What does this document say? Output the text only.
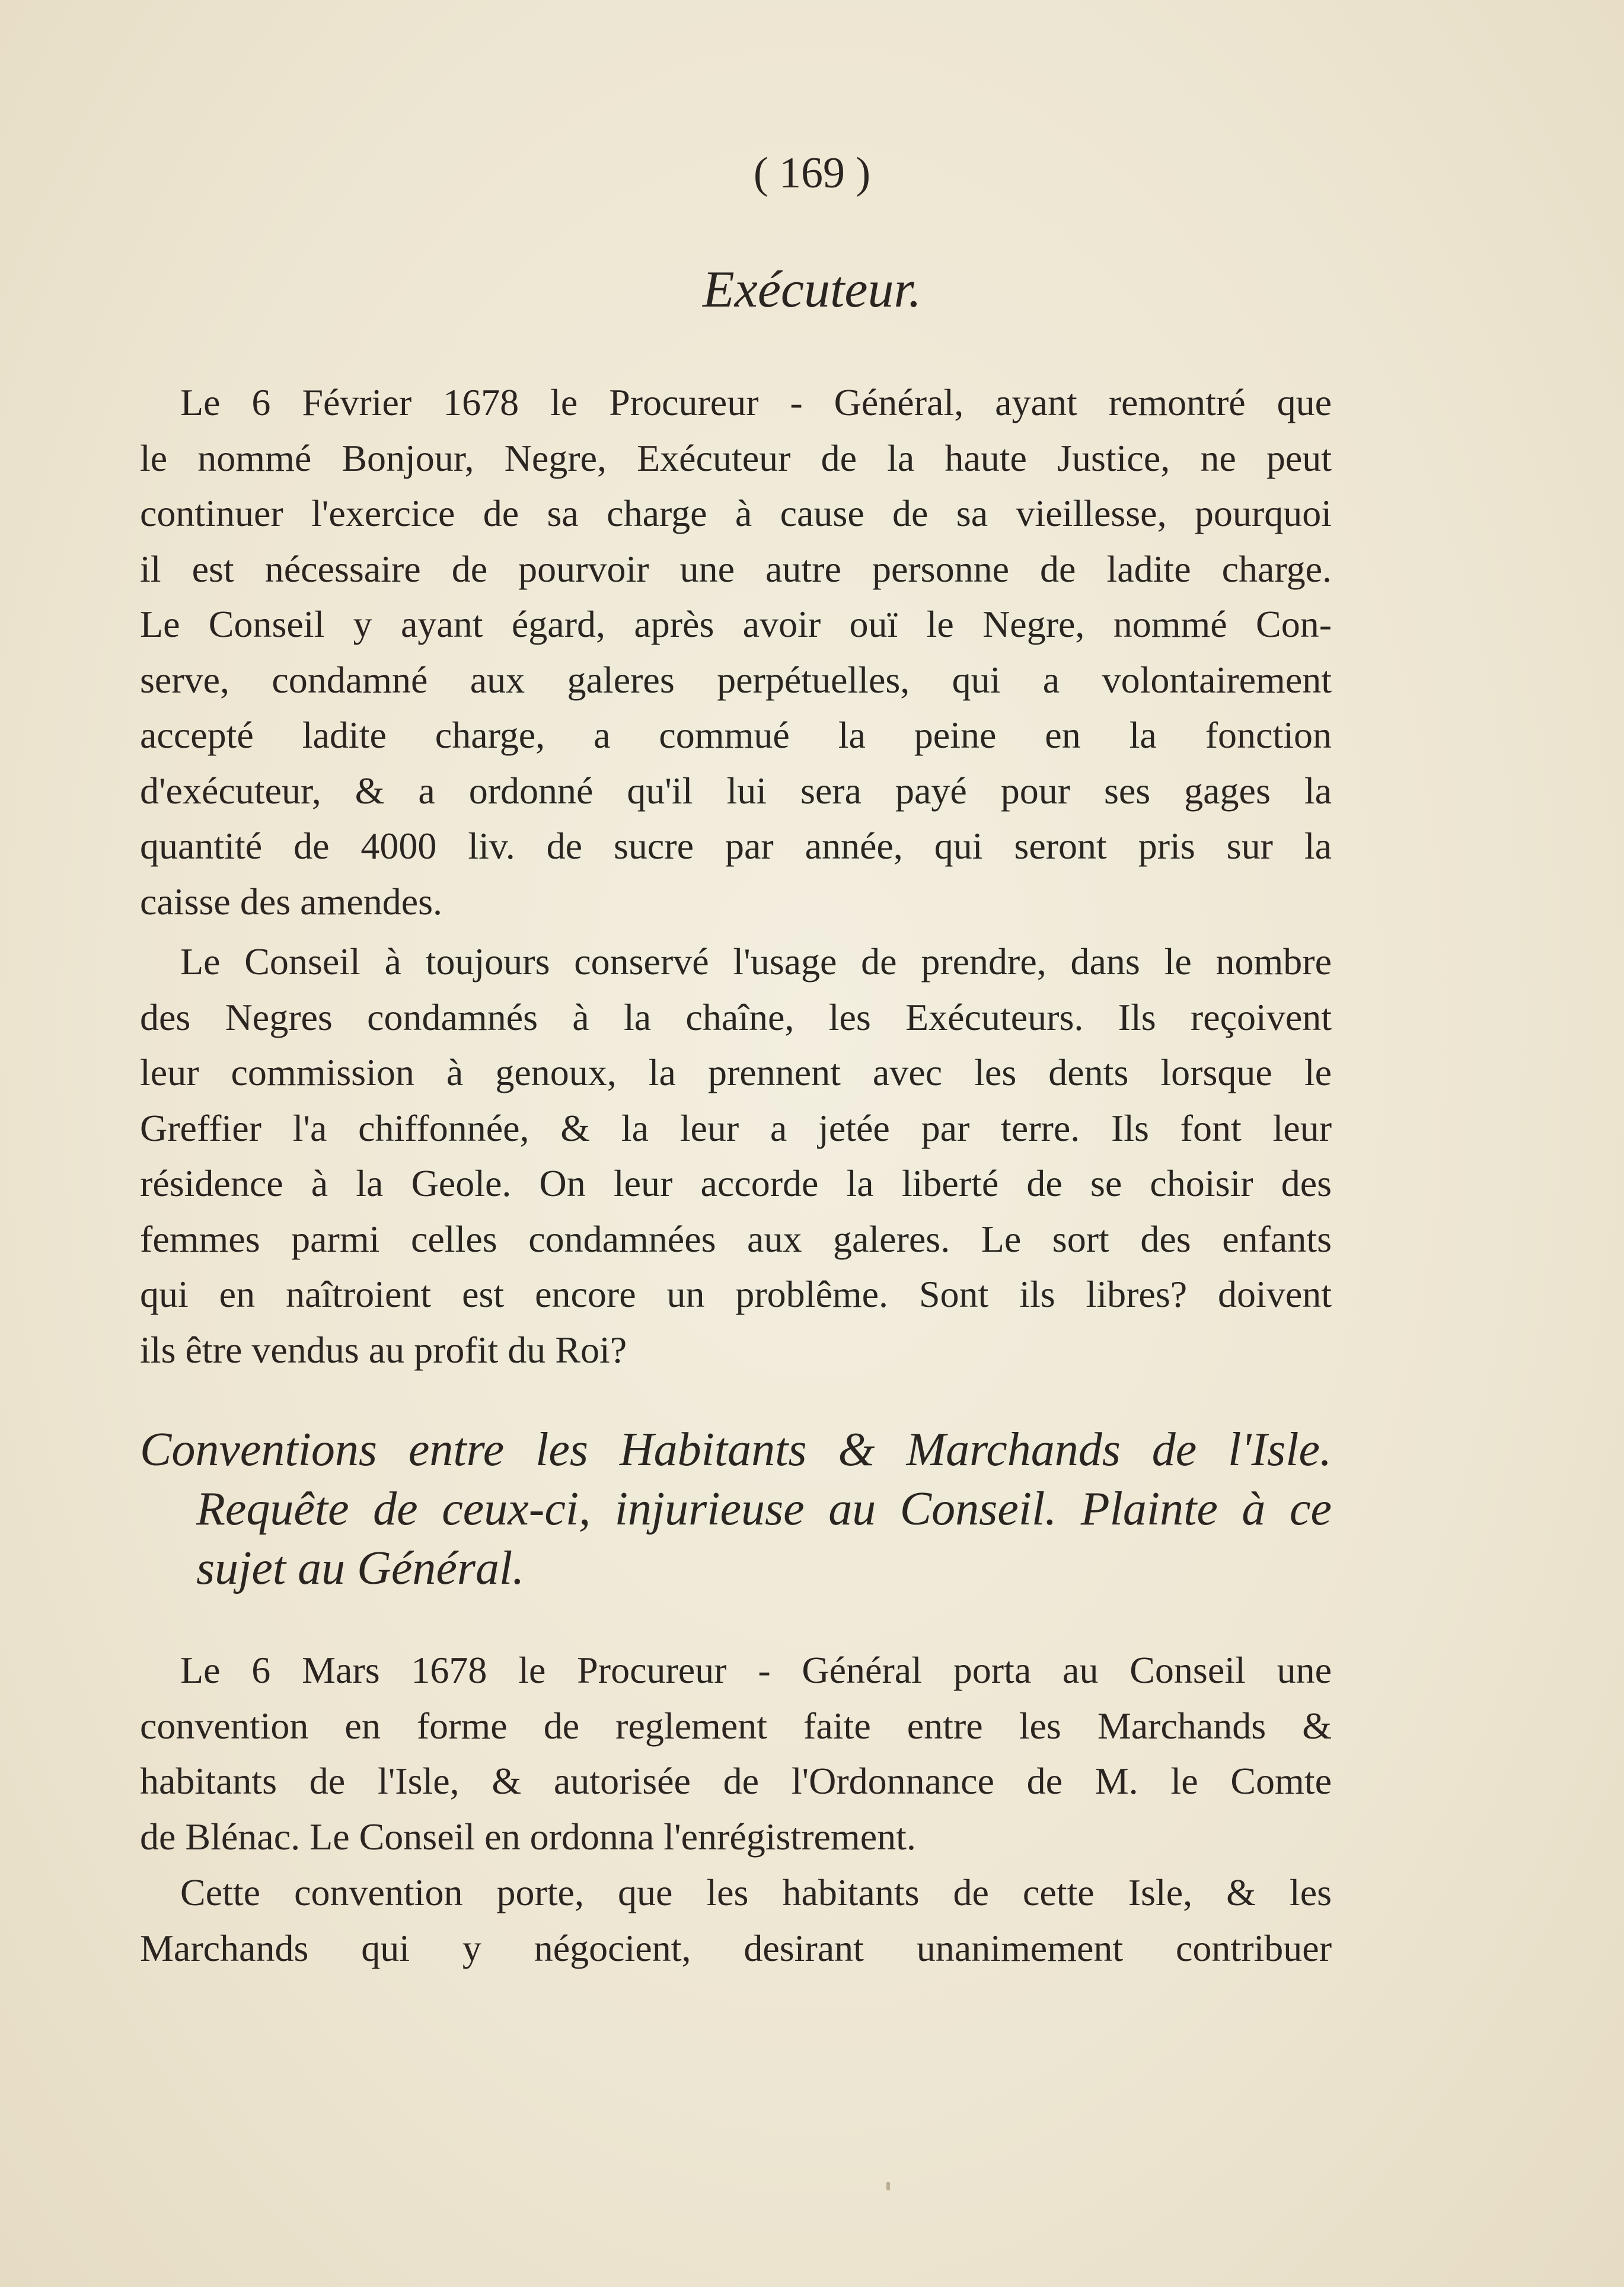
( 169 )
Exécuteur.
Le 6 Février 1678 le Procureur - Général, ayant remontré que
le nommé Bonjour, Negre, Exécuteur de la haute Justice, ne peut
continuer l'exercice de sa charge à cause de sa vieillesse, pourquoi
il est nécessaire de pourvoir une autre personne de ladite charge.
Le Conseil y ayant égard, après avoir ouï le Negre, nommé Con-
serve, condamné aux galeres perpétuelles, qui a volontairement
accepté ladite charge, a commué la peine en la fonction
d'exécuteur, & a ordonné qu'il lui sera payé pour ses gages la
quantité de 4000 liv. de sucre par année, qui seront pris sur la
caisse des amendes.
Le Conseil à toujours conservé l'usage de prendre, dans le nombre
des Negres condamnés à la chaîne, les Exécuteurs. Ils reçoivent
leur commission à genoux, la prennent avec les dents lorsque le
Greffier l'a chiffonnée, & la leur a jetée par terre. Ils font leur
résidence à la Geole. On leur accorde la liberté de se choisir des
femmes parmi celles condamnées aux galeres. Le sort des enfants
qui en naîtroient est encore un problême. Sont ils libres? doivent
ils être vendus au profit du Roi?
Conventions entre les Habitants & Marchands de l'Isle.
Requête de ceux-ci, injurieuse au Conseil. Plainte à ce
sujet au Général.
Le 6 Mars 1678 le Procureur - Général porta au Conseil une
convention en forme de reglement faite entre les Marchands &
habitants de l'Isle, & autorisée de l'Ordonnance de M. le Comte
de Blénac. Le Conseil en ordonna l'enrégistrement.
Cette convention porte, que les habitants de cette Isle, & les
Marchands qui y négocient, desirant unanimement contribuer
